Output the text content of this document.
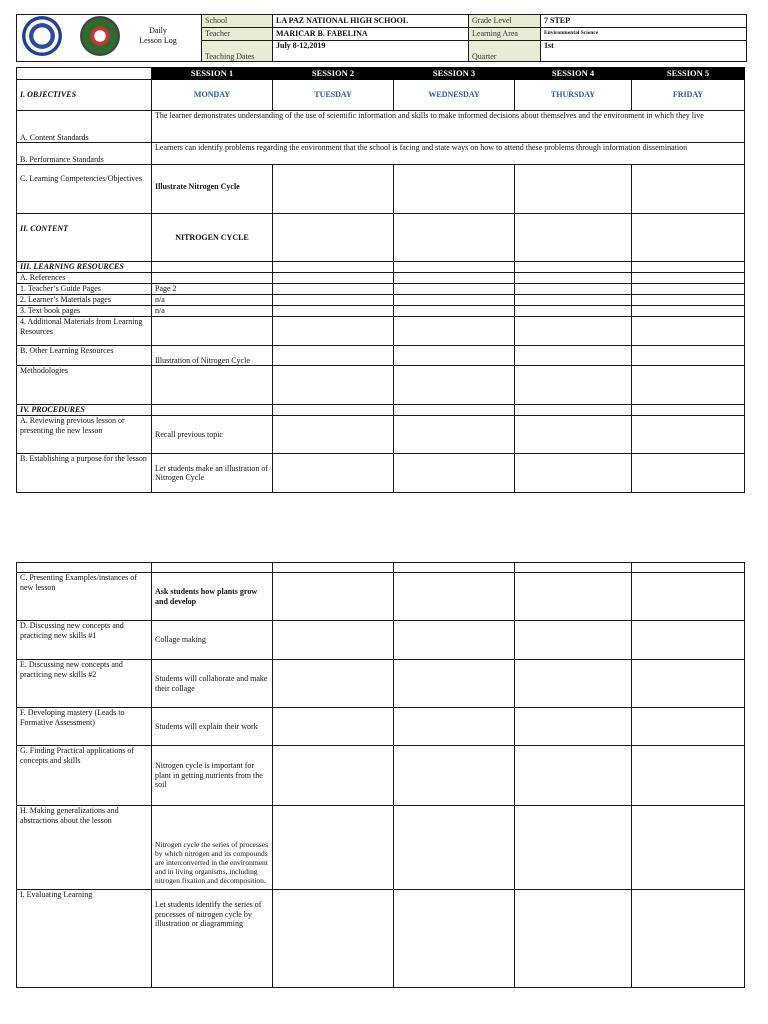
Daily
Lesson Log
	School	LA PAZ NATIONAL HIGH SCHOOL	Grade Level	7 STEP
	Teacher	MARICAR B. FABELINA	Learning Area	Environmental Science
	Teaching Dates	July 8-12,2019	Quarter	1st
	SESSION 1	SESSION 2	SESSION 3	SESSION 4	SESSION 5
I. OBJECTIVES	MONDAY	TUESDAY	WEDNESDAY	THURSDAY	FRIDAY
A. Content Standards	The learner demonstrates understanding of the use of scientific information and skills to make informed decisions about themselves and the environment in which they live				
B. Performance Standards	Learners can identify problems regarding the environment that the school is facing and state ways on how to attend these problems through information dissemination				
C. Learning Competencies/Objectives	Illustrate Nitrogen Cycle				
II. CONTENT	NITROGEN CYCLE				
III. LEARNING RESOURCES					
A. References					
1. Teacher’s Guide Pages	Page 2				
2. Learner’s Materials pages	n/a				
3. Text book pages	n/a				
4. Additional Materials from Learning Resources					
B. Other Learning Resources	Illustration of Nitrogen Cycle				
Methodologies					
IV. PROCEDURES					
A. Reviewing previous lesson or presenting the new lesson	Recall previous topic				
B. Establishing a purpose for the lesson	Let students make an illustration of Nitrogen Cycle				

C. Presenting Examples/instances of new lesson	Ask students how plants grow and develop				
D. Discussing new concepts and practicing new skills #1	Collage making				
E. Discussing new concepts and practicing new skills #2	Students will collaborate and make their collage				
F. Developing mastery (Leads to Formative Assessment)	Students will explain their work				
G. Finding Practical applications of concepts and skills	Nitrogen cycle is important for plant in getting nutrients from the soil				
H. Making generalizations and abstractions about the lesson	Nitrogen cycle the series of processes by which nitrogen and its compounds are interconverted in the environment and in living organisms, including nitrogen fixation and decomposition.				
I. Evaluating Learning	Let students identify the series of processes of nitrogen cycle by illustration or diagramming				
